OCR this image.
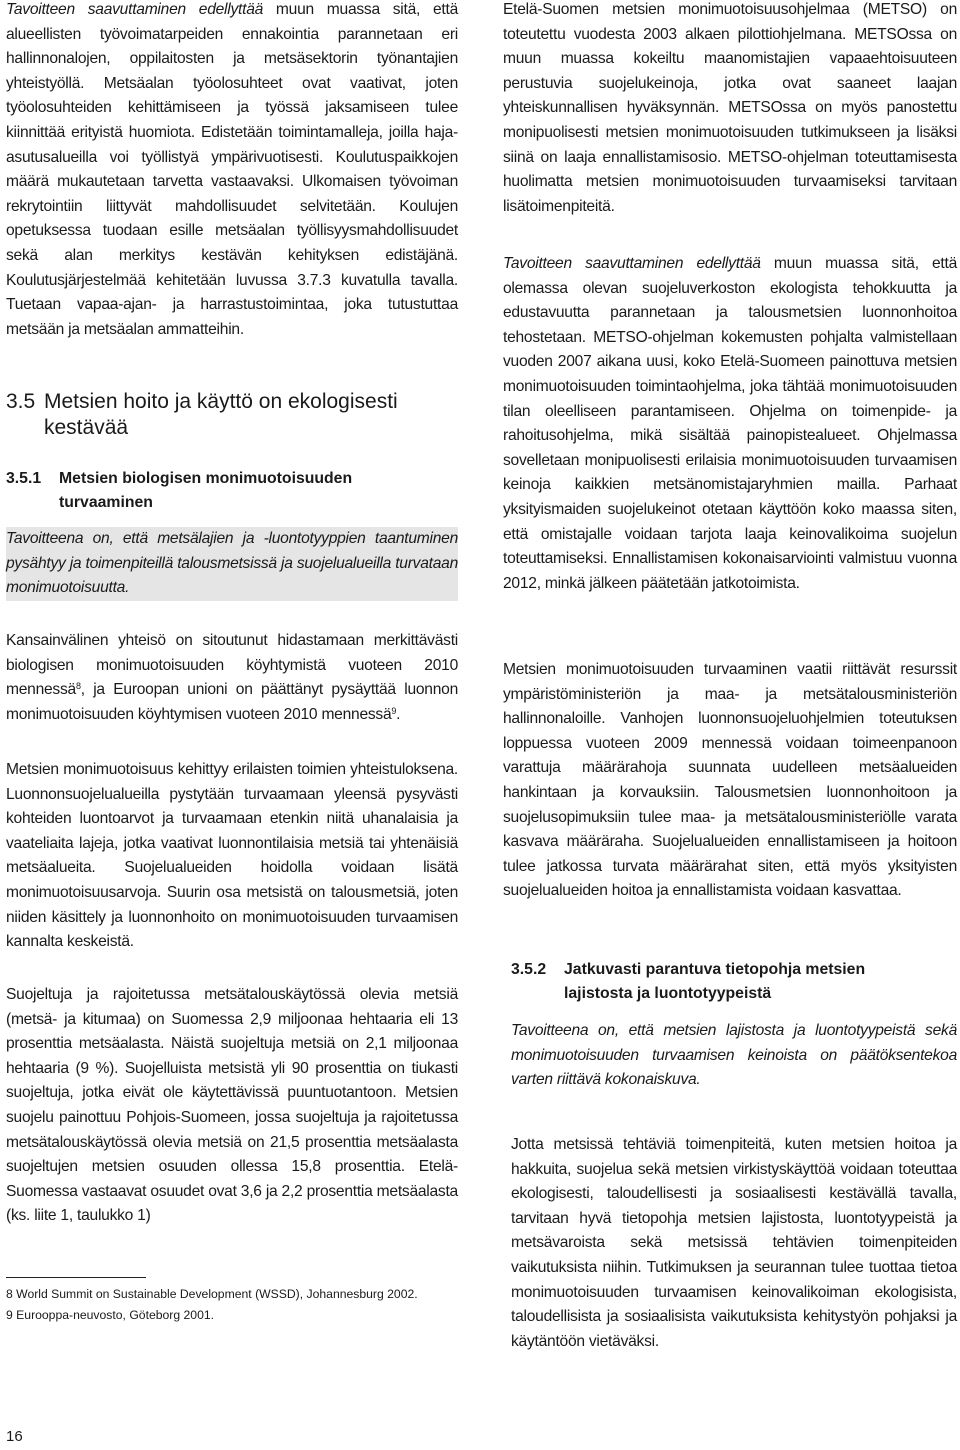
Tavoitteen saavuttaminen edellyttää muun muassa sitä, että alueellisten työvoimatarpeiden ennakointia parannetaan eri hallinnonalojen, oppilaitosten ja metsäsektorin työnantajien yhteistyöllä. Metsäalan työolosuhteet ovat vaativat, joten työolosuhteiden kehittämiseen ja työssä jaksamiseen tulee kiinnittää erityistä huomiota. Edistetään toimintamalleja, joilla haja-asutusalueilla voi työllistyä ympärivuotisesti. Koulutuspaikkojen määrä mukautetaan tarvetta vastaavaksi. Ulkomaisen työvoiman rekrytointiin liittyvät mahdollisuudet selvitetään. Koulujen opetuksessa tuodaan esille metsäalan työllisyysmahdollisuudet sekä alan merkitys kestävän kehityksen edistäjänä. Koulutusjärjestelmää kehitetään luvussa 3.7.3 kuvatulla tavalla. Tuetaan vapaa-ajan- ja harrastustoimintaa, joka tutustuttaa metsään ja metsäalan ammatteihin.

3.5 Metsien hoito ja käyttö on ekologisesti
kestävää
3.5.1 Metsien biologisen monimuotoisuuden
turvaaminen

Tavoitteena on, että metsälajien ja -luontotyyppien taantuminen pysähtyy ja toimenpiteillä talousmetsissä ja suojelualueilla turvataan monimuotoisuutta.

Kansainvälinen yhteisö on sitoutunut hidastamaan merkittävästi biologisen monimuotoisuuden köyhtymistä vuoteen 2010 mennessä$^8$, ja Euroopan unioni on päättänyt pysäyttää luonnon monimuotoisuuden köyhtymisen vuoteen 2010 mennessä$^9$.

Metsien monimuotoisuus kehittyy erilaisten toimien yhteistuloksena. Luonnonsuojelualueilla pystytään turvaamaan yleensä pysyvästi kohteiden luontoarvot ja turvaamaan etenkin niitä uhanalaisia ja vaateliaita lajeja, jotka vaativat luonnontilaisia metsiä tai yhtenäisiä metsäalueita. Suojelualueiden hoidolla voidaan lisätä monimuotoisuusarvoja. Suurin osa metsistä on talousmetsiä, joten niiden käsittely ja luonnonhoito on monimuotoisuuden turvaamisen kannalta keskeistä.

Suojeltuja ja rajoitetussa metsätalouskäytössä olevia metsiä (metsä- ja kitumaa) on Suomessa 2,9 miljoonaa hehtaaria eli 13 prosenttia metsäalasta. Näistä suojeltuja metsiä on 2,1 miljoonaa hehtaaria (9 %). Suojelluista metsistä yli 90 prosenttia on tiukasti suojeltuja, jotka eivät ole käytettävissä puuntuotantoon. Metsien suojelu painottuu Pohjois-Suomeen, jossa suojeltuja ja rajoitetussa metsätalouskäytössä olevia metsiä on 21,5 prosenttia metsäalasta suojeltujen metsien osuuden ollessa 15,8 prosenttia. Etelä-Suomessa vastaavat osuudet ovat 3,6 ja 2,2 prosenttia metsäalasta (ks. liite 1, taulukko 1)

8 World Summit on Sustainable Development (WSSD), Johannesburg 2002.
9 Eurooppa-neuvosto, Göteborg 2001.

Etelä-Suomen metsien monimuotoisuusohjelmaa (METSO) on toteutettu vuodesta 2003 alkaen pilottiohjelmana. METSOssa on muun muassa kokeiltu maanomistajien vapaaehtoisuuteen perustuvia suojelukeinoja, jotka ovat saaneet laajan yhteiskunnallisen hyväksynnän. METSOssa on myös panostettu monipuolisesti metsien monimuotoisuuden tutkimukseen ja lisäksi siinä on laaja ennallistamisosio. METSO-ohjelman toteuttamisesta huolimatta metsien monimuotoisuuden turvaamiseksi tarvitaan lisätoimenpiteitä.

Tavoitteen saavuttaminen edellyttää muun muassa sitä, että olemassa olevan suojeluverkoston ekologista tehokkuutta ja edustavuutta parannetaan ja talousmetsien luonnonhoitoa tehostetaan. METSO-ohjelman kokemusten pohjalta valmistellaan vuoden 2007 aikana uusi, koko Etelä-Suomeen painottuva metsien monimuotoisuuden toimintaohjelma, joka tähtää monimuotoisuuden tilan oleelliseen parantamiseen. Ohjelma on toimenpide- ja rahoitusohjelma, mikä sisältää painopistealueet. Ohjelmassa sovelletaan monipuolisesti erilaisia monimuotoisuuden turvaamisen keinoja kaikkien metsänomistajaryhmien mailla. Parhaat yksityismaiden suojelukeinot otetaan käyttöön koko maassa siten, että omistajalle voidaan tarjota laaja keinovalikoima suojelun toteuttamiseksi. Ennallistamisen kokonaisarviointi valmistuu vuonna 2012, minkä jälkeen päätetään jatkotoimista.

Metsien monimuotoisuuden turvaaminen vaatii riittävät resurssit ympäristöministeriön ja maa- ja metsätalousministeriön hallinnonaloille. Vanhojen luonnonsuojeluohjelmien toteutuksen loppuessa vuoteen 2009 mennessä voidaan toimeenpanoon varattuja määrärahoja suunnata uudelleen metsäalueiden hankintaan ja korvauksiin. Talousmetsien luonnonhoitoon ja suojelusopimuksiin tulee maa- ja metsätalousministeriölle varata kasvava määräraha. Suojelualueiden ennallistamiseen ja hoitoon tulee jatkossa turvata määrärahat siten, että myös yksityisten suojelualueiden hoitoa ja ennallistamista voidaan kasvattaa.

3.5.2 Jatkuvasti parantuva tietopohja metsien
lajistosta ja luontotyypeistä

Tavoitteena on, että metsien lajistosta ja luontotyypeistä sekä monimuotoisuuden turvaamisen keinoista on päätöksentekoa varten riittävä kokonaiskuva.

Jotta metsissä tehtäviä toimenpiteitä, kuten metsien hoitoa ja hakkuita, suojelua sekä metsien virkistyskäyttöä voidaan toteuttaa ekologisesti, taloudellisesti ja sosiaalisesti kestävällä tavalla, tarvitaan hyvä tietopohja metsien lajistosta, luontotyypeistä ja metsävaroista sekä metsissä tehtävien toimenpiteiden vaikutuksista niihin. Tutkimuksen ja seurannan tulee tuottaa tietoa monimuotoisuuden turvaamisen keinovalikoiman ekologisista, taloudellisista ja sosiaalisista vaikutuksista kehitystyön pohjaksi ja käytäntöön vietäväksi.

16
